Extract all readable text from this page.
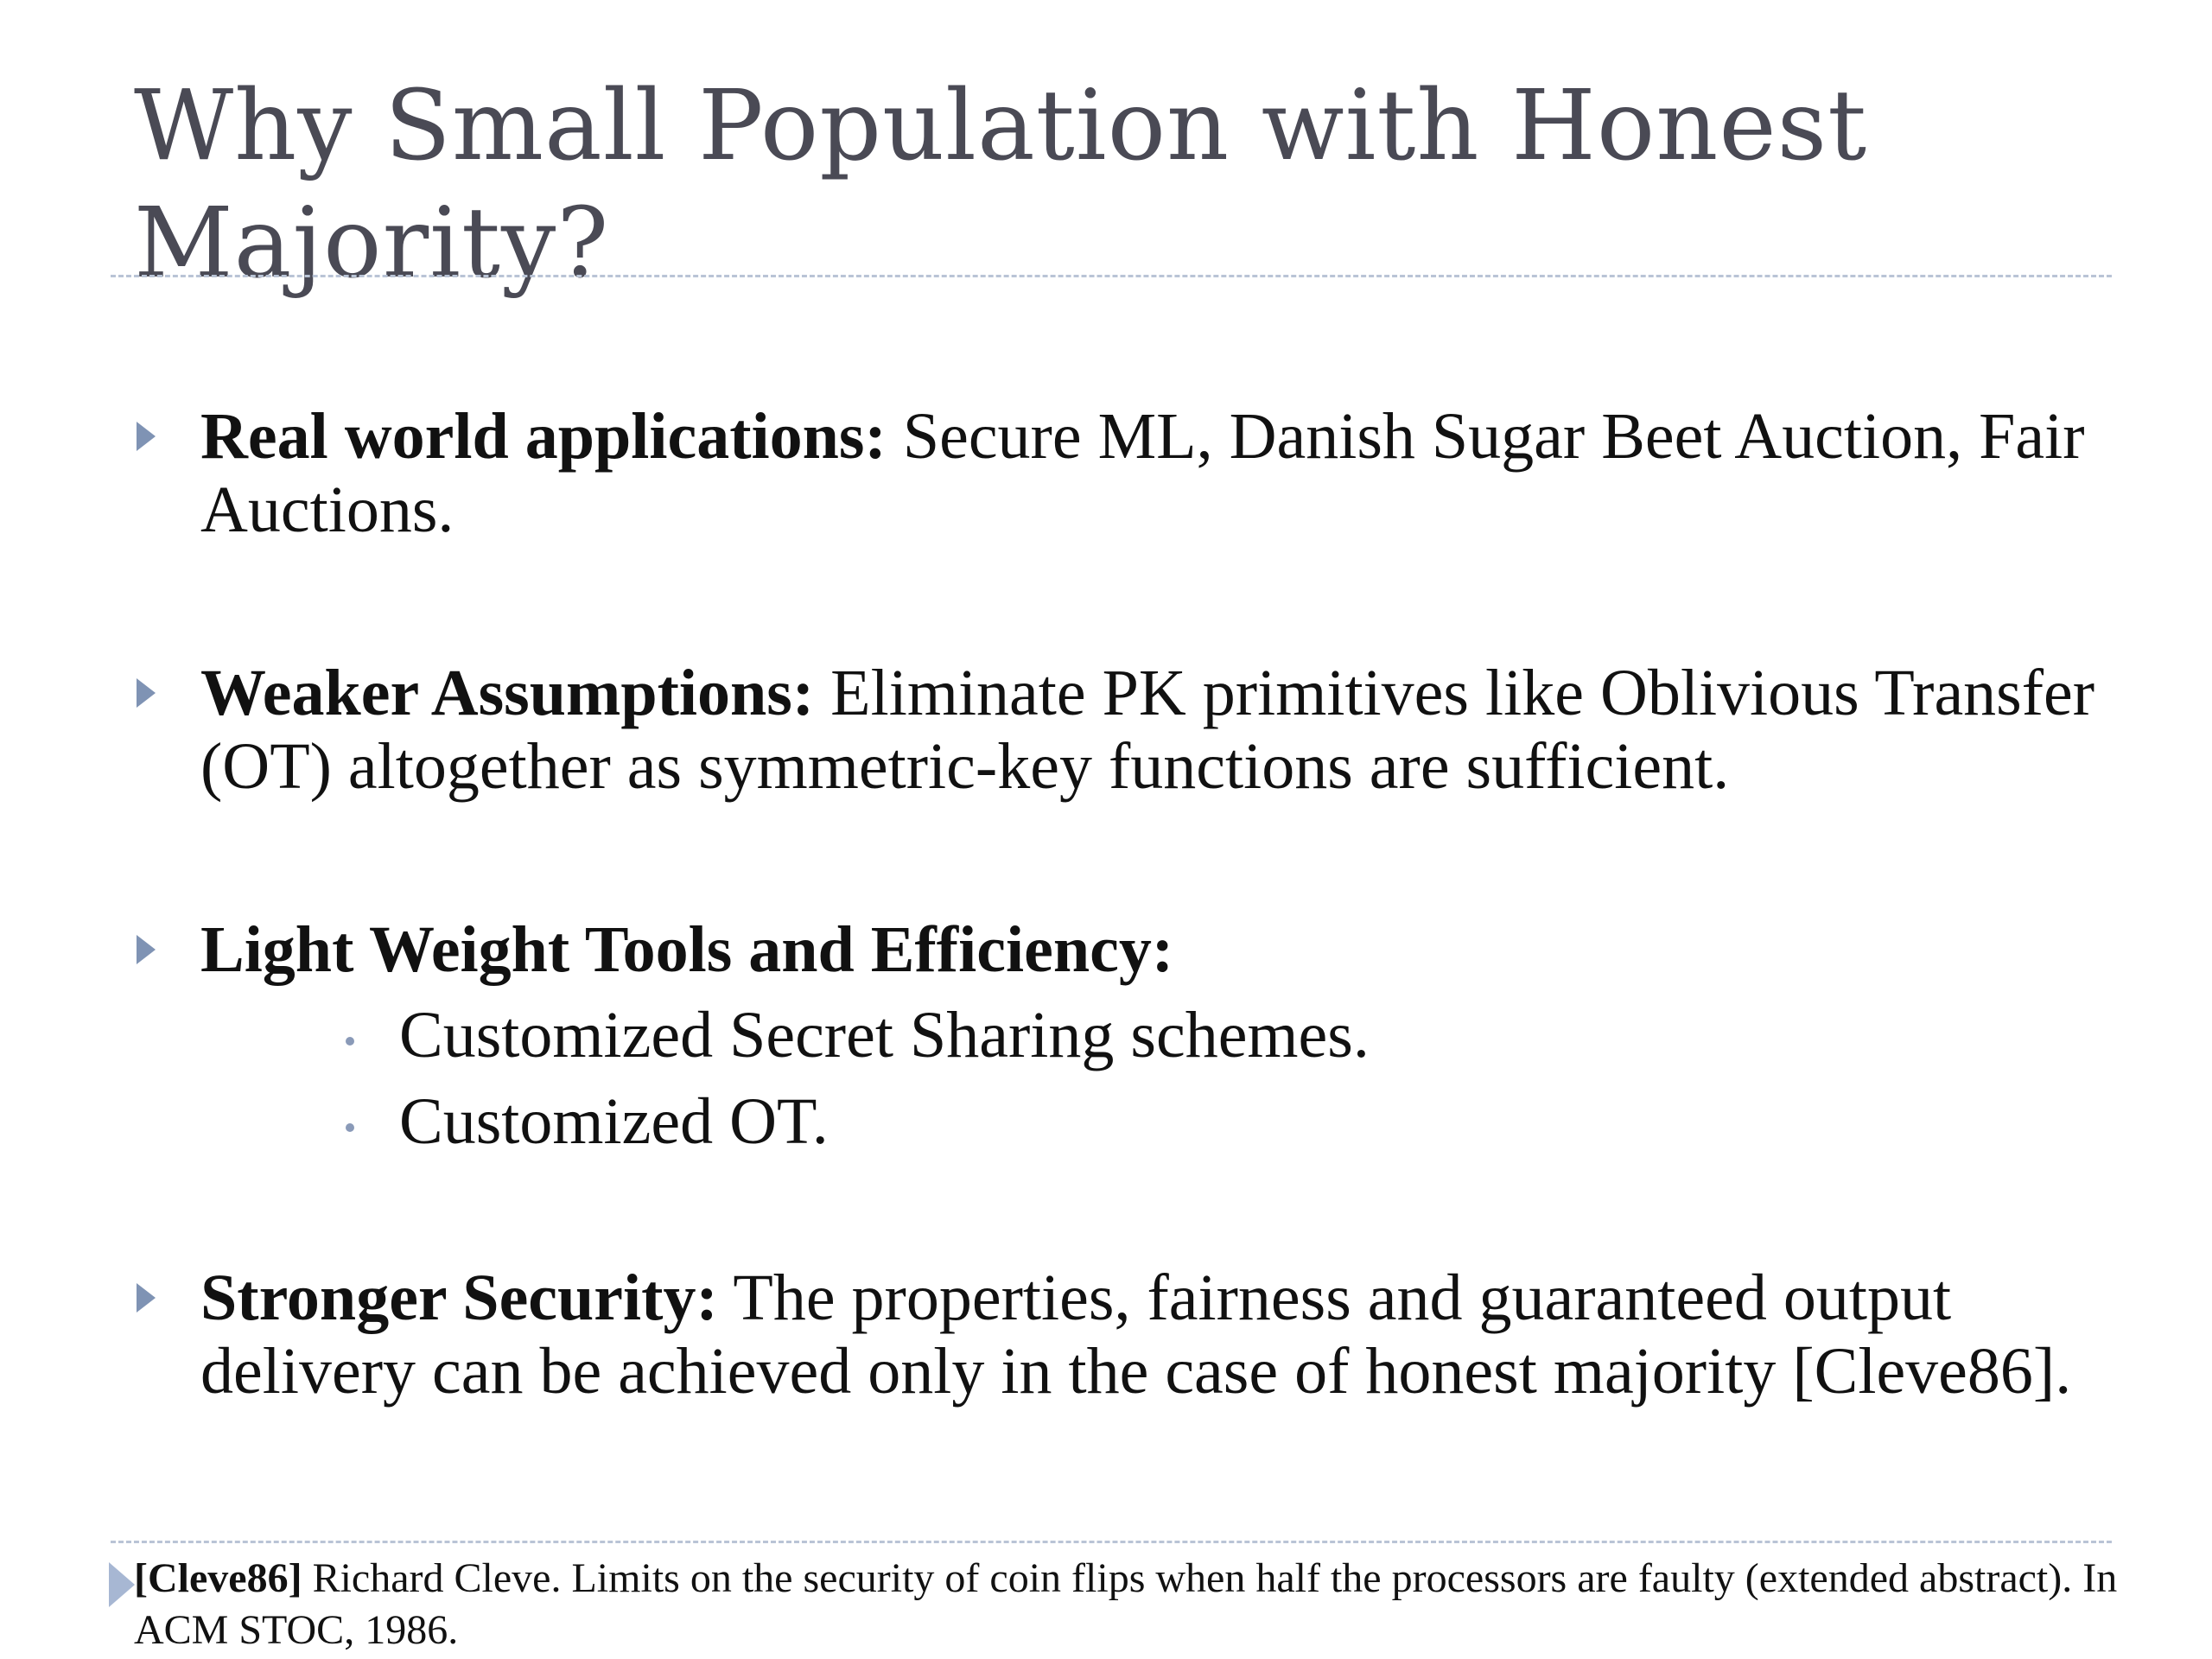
Why Small Population with Honest Majority?
Real world applications: Secure ML, Danish Sugar Beet Auction, Fair Auctions.
Weaker Assumptions: Eliminate PK primitives like Oblivious Transfer (OT) altogether as symmetric-key functions are sufficient.
Light Weight Tools and Efficiency:
Customized Secret Sharing schemes.
Customized OT.
Stronger Security: The properties, fairness and guaranteed output delivery can be achieved only in the case of honest majority [Cleve86].
[Cleve86] Richard Cleve. Limits on the security of coin flips when half the processors are faulty (extended abstract). In ACM STOC, 1986.
